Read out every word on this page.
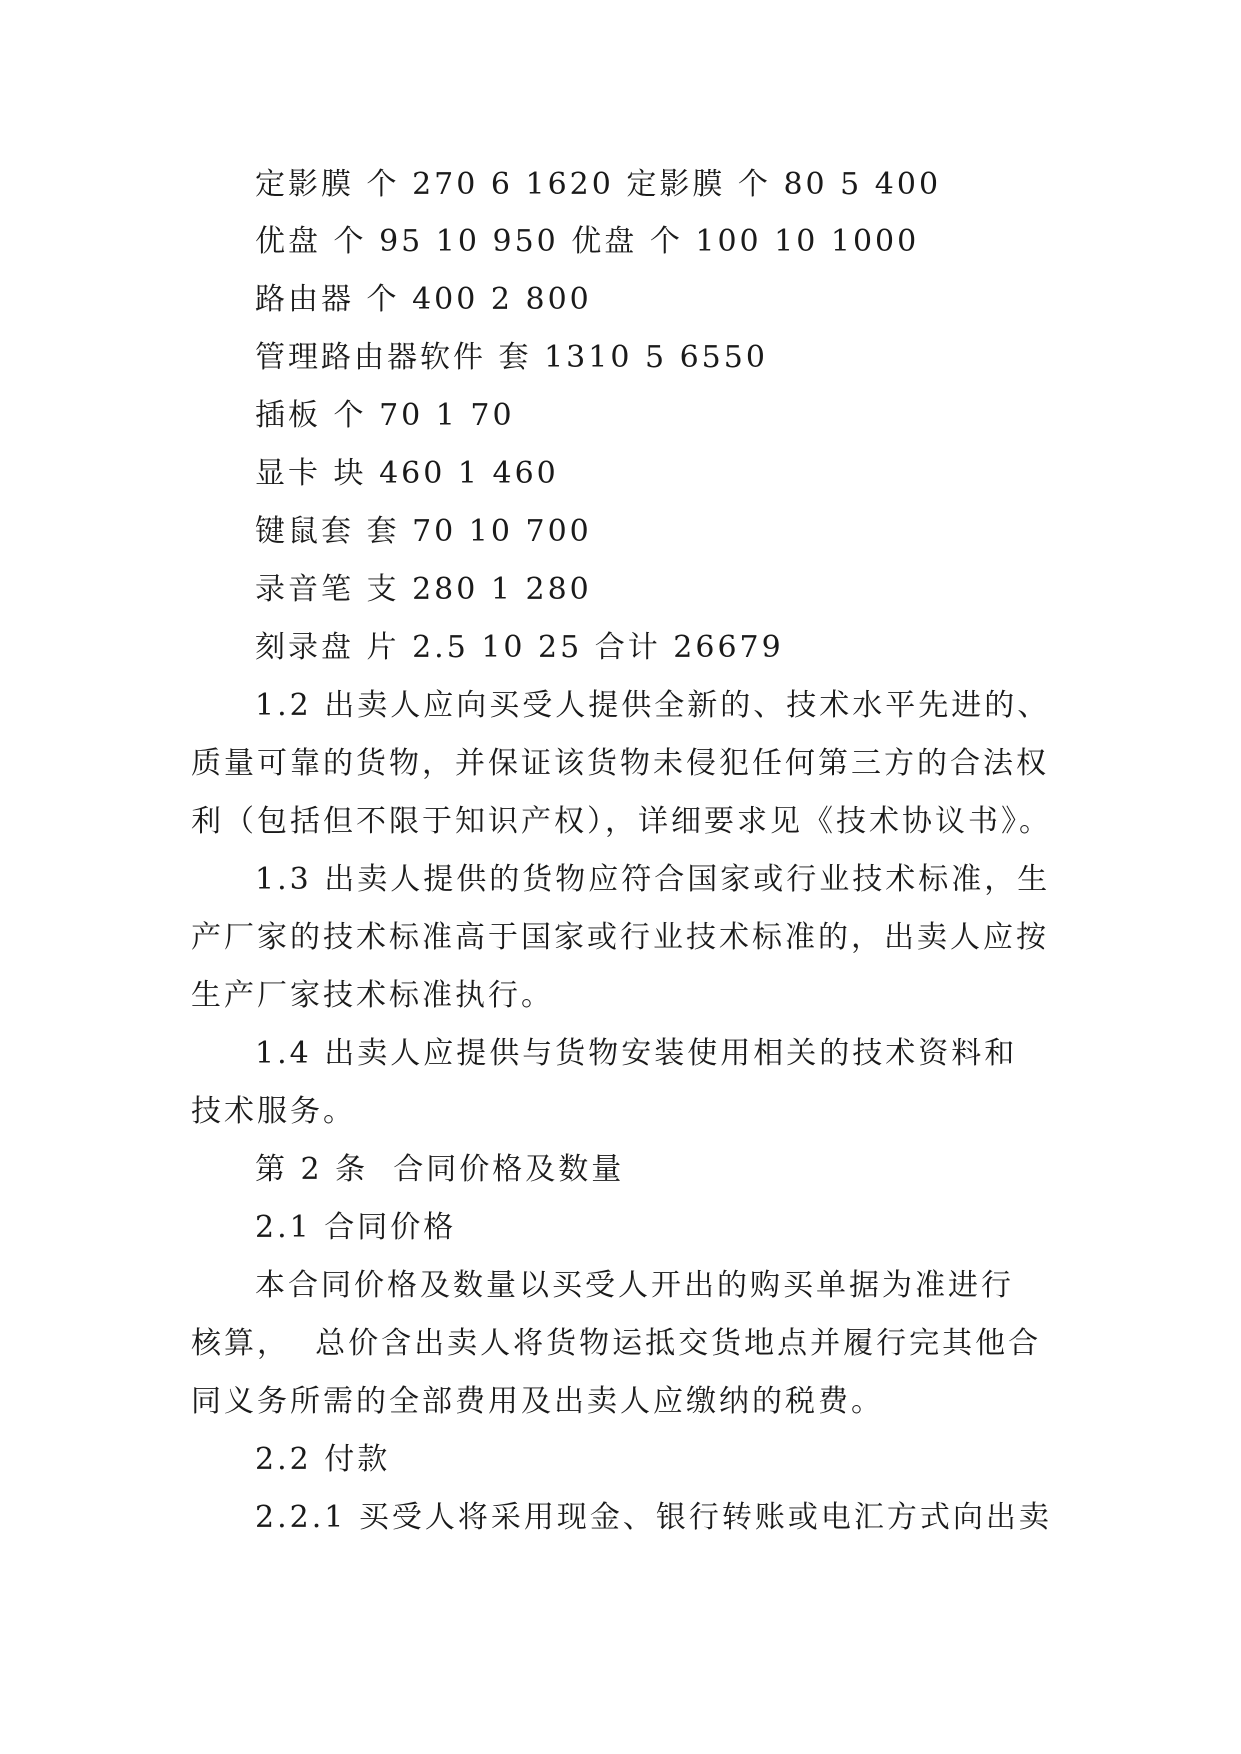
定影膜 个 270 6 1620 定影膜 个 80 5 400
优盘 个 95 10 950 优盘 个 100 10 1000
路由器 个 400 2 800
管理路由器软件 套 1310 5 6550
插板 个 70 1 70
显卡 块 460 1 460
键鼠套 套 70 10 700
录音笔 支 280 1 280
刻录盘 片 2.5 10 25 合计 26679
1.2 出卖人应向买受人提供全新的、技术水平先进的、
质量可靠的货物，并保证该货物未侵犯任何第三方的合法权
利（包括但不限于知识产权），详细要求见《技术协议书》。
1.3 出卖人提供的货物应符合国家或行业技术标准，生
产厂家的技术标准高于国家或行业技术标准的，出卖人应按
生产厂家技术标准执行。
1.4 出卖人应提供与货物安装使用相关的技术资料和
技术服务。
第 2 条  合同价格及数量
2.1 合同价格
本合同价格及数量以买受人开出的购买单据为准进行
核算，  总价含出卖人将货物运抵交货地点并履行完其他合
同义务所需的全部费用及出卖人应缴纳的税费。
2.2 付款
2.2.1 买受人将采用现金、银行转账或电汇方式向出卖
